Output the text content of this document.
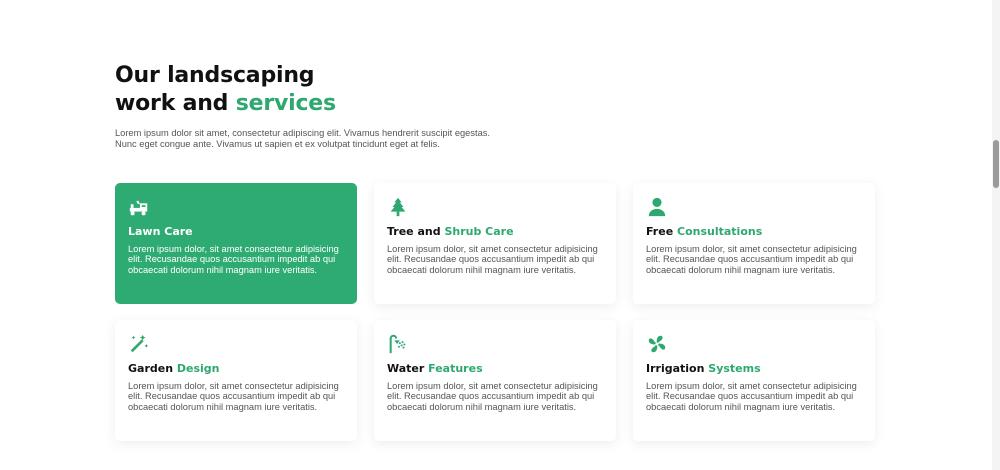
Our landscaping
work and services

Lorem ipsum dolor sit amet, consectetur adipiscing elit. Vivamus hendrerit suscipit egestas. Nunc eget congue ante. Vivamus ut sapien et ex volutpat tincidunt eget at felis.

Lawn Care

Lorem ipsum dolor, sit amet consectetur adipisicing elit. Recusandae quos accusantium impedit ab qui obcaecati dolorum nihil magnam iure veritatis.

Tree and Shrub Care

Lorem ipsum dolor, sit amet consectetur adipisicing elit. Recusandae quos accusantium impedit ab qui obcaecati dolorum nihil magnam iure veritatis.

Free Consultations

Lorem ipsum dolor, sit amet consectetur adipisicing elit. Recusandae quos accusantium impedit ab qui obcaecati dolorum nihil magnam iure veritatis.

Garden Design

Lorem ipsum dolor, sit amet consectetur adipisicing elit. Recusandae quos accusantium impedit ab qui obcaecati dolorum nihil magnam iure veritatis.

Water Features

Lorem ipsum dolor, sit amet consectetur adipisicing elit. Recusandae quos accusantium impedit ab qui obcaecati dolorum nihil magnam iure veritatis.

Irrigation Systems

Lorem ipsum dolor, sit amet consectetur adipisicing elit. Recusandae quos accusantium impedit ab qui obcaecati dolorum nihil magnam iure veritatis.
